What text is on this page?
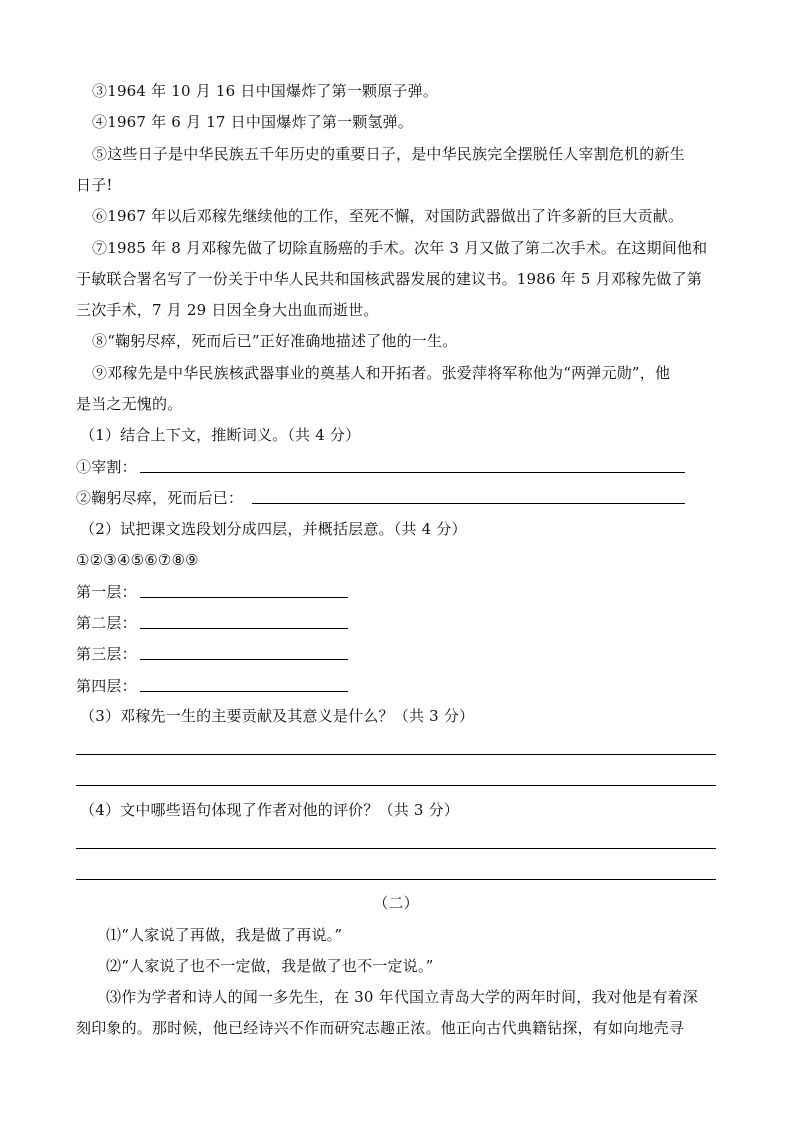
③1964 年 10 月 16 日中国爆炸了第一颗原子弹。
④1967 年 6 月 17 日中国爆炸了第一颗氢弹。
⑤这些日子是中华民族五千年历史的重要日子，是中华民族完全摆脱任人宰割危机的新生
日子!
⑥1967 年以后邓稼先继续他的工作，至死不懈，对国防武器做出了许多新的巨大贡献。
⑦1985 年 8 月邓稼先做了切除直肠癌的手术。次年 3 月又做了第二次手术。在这期间他和
于敏联合署名写了一份关于中华人民共和国核武器发展的建议书。1986 年 5 月邓稼先做了第
三次手术，7 月 29 日因全身大出血而逝世。
⑧“鞠躬尽瘁，死而后已”正好准确地描述了他的一生。
⑨邓稼先是中华民族核武器事业的奠基人和开拓者。张爱萍将军称他为“两弹元勋”，他
是当之无愧的。
（1）结合上下文，推断词义。（共 4 分）
①宰割：
②鞠躬尽瘁，死而后已：
（2）试把课文选段划分成四层，并概括层意。（共 4 分）
①②③④⑤⑥⑦⑧⑨
第一层：
第二层：
第三层：
第四层：
（3）邓稼先一生的主要贡献及其意义是什么？（共 3 分）
（4）文中哪些语句体现了作者对他的评价？（共 3 分）
（二）
⑴“人家说了再做，我是做了再说。”
⑵“人家说了也不一定做，我是做了也不一定说。”
⑶作为学者和诗人的闻一多先生，在 30 年代国立青岛大学的两年时间，我对他是有着深
刻印象的。那时候，他已经诗兴不作而研究志趣正浓。他正向古代典籍钻探，有如向地壳寻
